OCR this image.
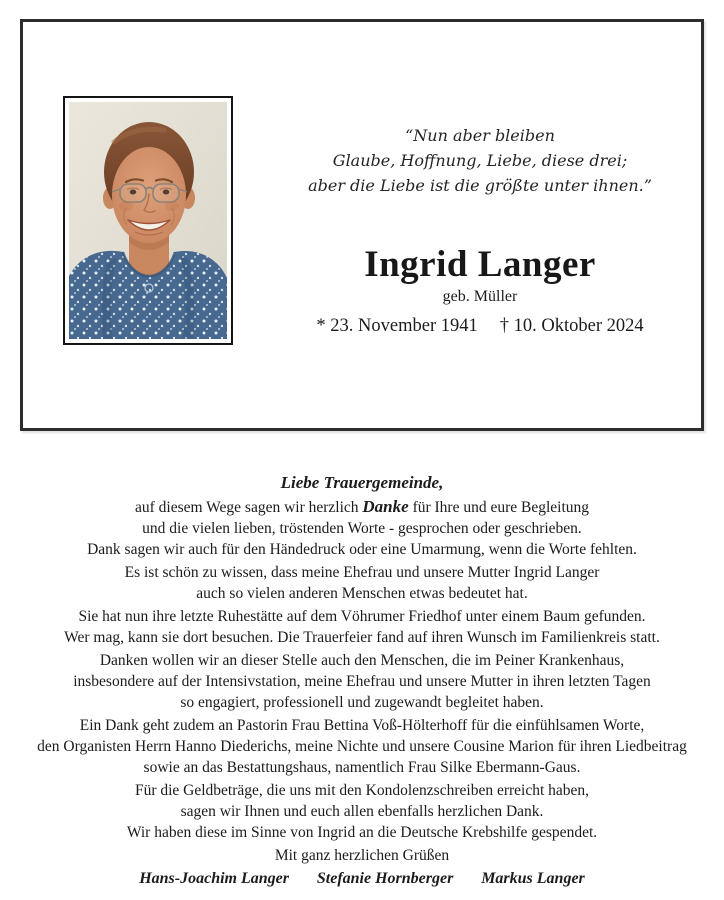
“Nun aber bleiben
Glaube, Hoffnung, Liebe, diese drei;
aber die Liebe ist die größte unter ihnen.”
Ingrid Langer
geb. Müller
* 23. November 1941 † 10. Oktober 2024
Liebe Trauergemeinde,

auf diesem Wege sagen wir herzlich Danke für Ihre und eure Begleitung
und die vielen lieben, tröstenden Worte - gesprochen oder geschrieben.
Dank sagen wir auch für den Händedruck oder eine Umarmung, wenn die Worte fehlten.

Es ist schön zu wissen, dass meine Ehefrau und unsere Mutter Ingrid Langer
auch so vielen anderen Menschen etwas bedeutet hat.

Sie hat nun ihre letzte Ruhestätte auf dem Vöhrumer Friedhof unter einem Baum gefunden.
Wer mag, kann sie dort besuchen. Die Trauerfeier fand auf ihren Wunsch im Familienkreis statt.

Danken wollen wir an dieser Stelle auch den Menschen, die im Peiner Krankenhaus,
insbesondere auf der Intensivstation, meine Ehefrau und unsere Mutter in ihren letzten Tagen
so engagiert, professionell und zugewandt begleitet haben.

Ein Dank geht zudem an Pastorin Frau Bettina Voß-Hölterhoff für die einfühlsamen Worte,
den Organisten Herrn Hanno Diederichs, meine Nichte und unsere Cousine Marion für ihren Liedbeitrag
sowie an das Bestattungshaus, namentlich Frau Silke Ebermann-Gaus.

Für die Geldbeträge, die uns mit den Kondolenzschreiben erreicht haben,
sagen wir Ihnen und euch allen ebenfalls herzlichen Dank.
Wir haben diese im Sinne von Ingrid an die Deutsche Krebshilfe gespendet.

Mit ganz herzlichen Grüßen
Hans-Joachim Langer Stefanie Hornberger Markus Langer
